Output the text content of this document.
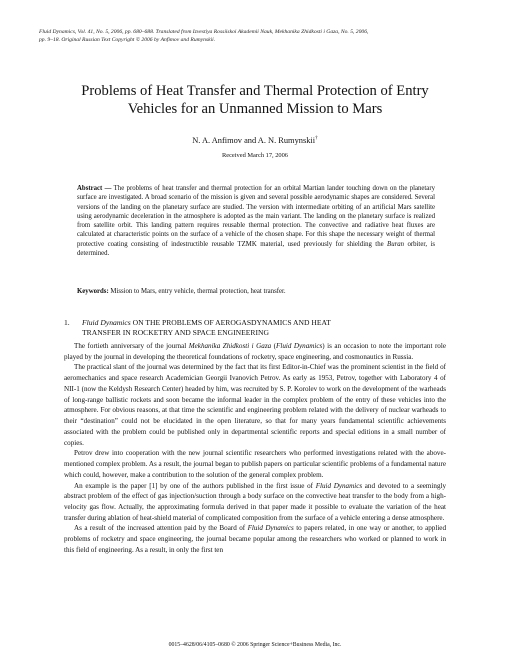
Fluid Dynamics, Vol. 41, No. 5, 2006, pp. 680–688. Translated from Izvestiya Rossiiskoi Akademii Nauk, Mekhanika Zhidkosti i Gaza, No. 5, 2006,
pp. 9–18. Original Russian Text Copyright © 2006 by Anfimov and Rumynskii.
Problems of Heat Transfer and Thermal Protection of Entry
Vehicles for an Unmanned Mission to Mars
N. A. Anfimov and A. N. Rumynskii†
Received March 17, 2006
Abstract — The problems of heat transfer and thermal protection for an orbital Martian lander touching down on the planetary surface are investigated. A broad scenario of the mission is given and several possible aerodynamic shapes are considered. Several versions of the landing on the planetary surface are studied. The version with intermediate orbiting of an artificial Mars satellite using aerodynamic deceleration in the atmosphere is adopted as the main variant. The landing on the planetary surface is realized from satellite orbit. This landing pattern requires reusable thermal protection. The convective and radiative heat fluxes are calculated at characteristic points on the surface of a vehicle of the chosen shape. For this shape the necessary weight of thermal protective coating consisting of indestructible reusable TZMK material, used previously for shielding the Buran orbiter, is determined.
Keywords: Mission to Mars, entry vehicle, thermal protection, heat transfer.
1. Fluid Dynamics ON THE PROBLEMS OF AEROGASDYNAMICS AND HEAT
TRANSFER IN ROCKETRY AND SPACE ENGINEERING

The fortieth anniversary of the journal Mekhanika Zhidkosti i Gaza (Fluid Dynamics) is an occasion to note the important role played by the journal in developing the theoretical foundations of rocketry, space engineering, and cosmonautics in Russia.

The practical slant of the journal was determined by the fact that its first Editor-in-Chief was the prominent scientist in the field of aeromechanics and space research Academician Georgii Ivanovich Petrov. As early as 1953, Petrov, together with Laboratory 4 of NII-1 (now the Keldysh Research Center) headed by him, was recruited by S. P. Korolev to work on the development of the warheads of long-range ballistic rockets and soon became the informal leader in the complex problem of the entry of these vehicles into the atmosphere. For obvious reasons, at that time the scientific and engineering problem related with the delivery of nuclear warheads to their “destination” could not be elucidated in the open literature, so that for many years fundamental scientific achievements associated with the problem could be published only in departmental scientific reports and special editions in a small number of copies.

Petrov drew into cooperation with the new journal scientific researchers who performed investigations related with the above-mentioned complex problem. As a result, the journal began to publish papers on particular scientific problems of a fundamental nature which could, however, make a contribution to the solution of the general complex problem.

An example is the paper [1] by one of the authors published in the first issue of Fluid Dynamics and devoted to a seemingly abstract problem of the effect of gas injection/suction through a body surface on the convective heat transfer to the body from a high-velocity gas flow. Actually, the approximating formula derived in that paper made it possible to evaluate the variation of the heat transfer during ablation of heat-shield material of complicated composition from the surface of a vehicle entering a dense atmosphere.

As a result of the increased attention paid by the Board of Fluid Dynamics to papers related, in one way or another, to applied problems of rocketry and space engineering, the journal became popular among the researchers who worked or planned to work in this field of engineering. As a result, in only the first ten

0015–4628/06/4105–0680 © 2006 Springer Science+Business Media, Inc.
